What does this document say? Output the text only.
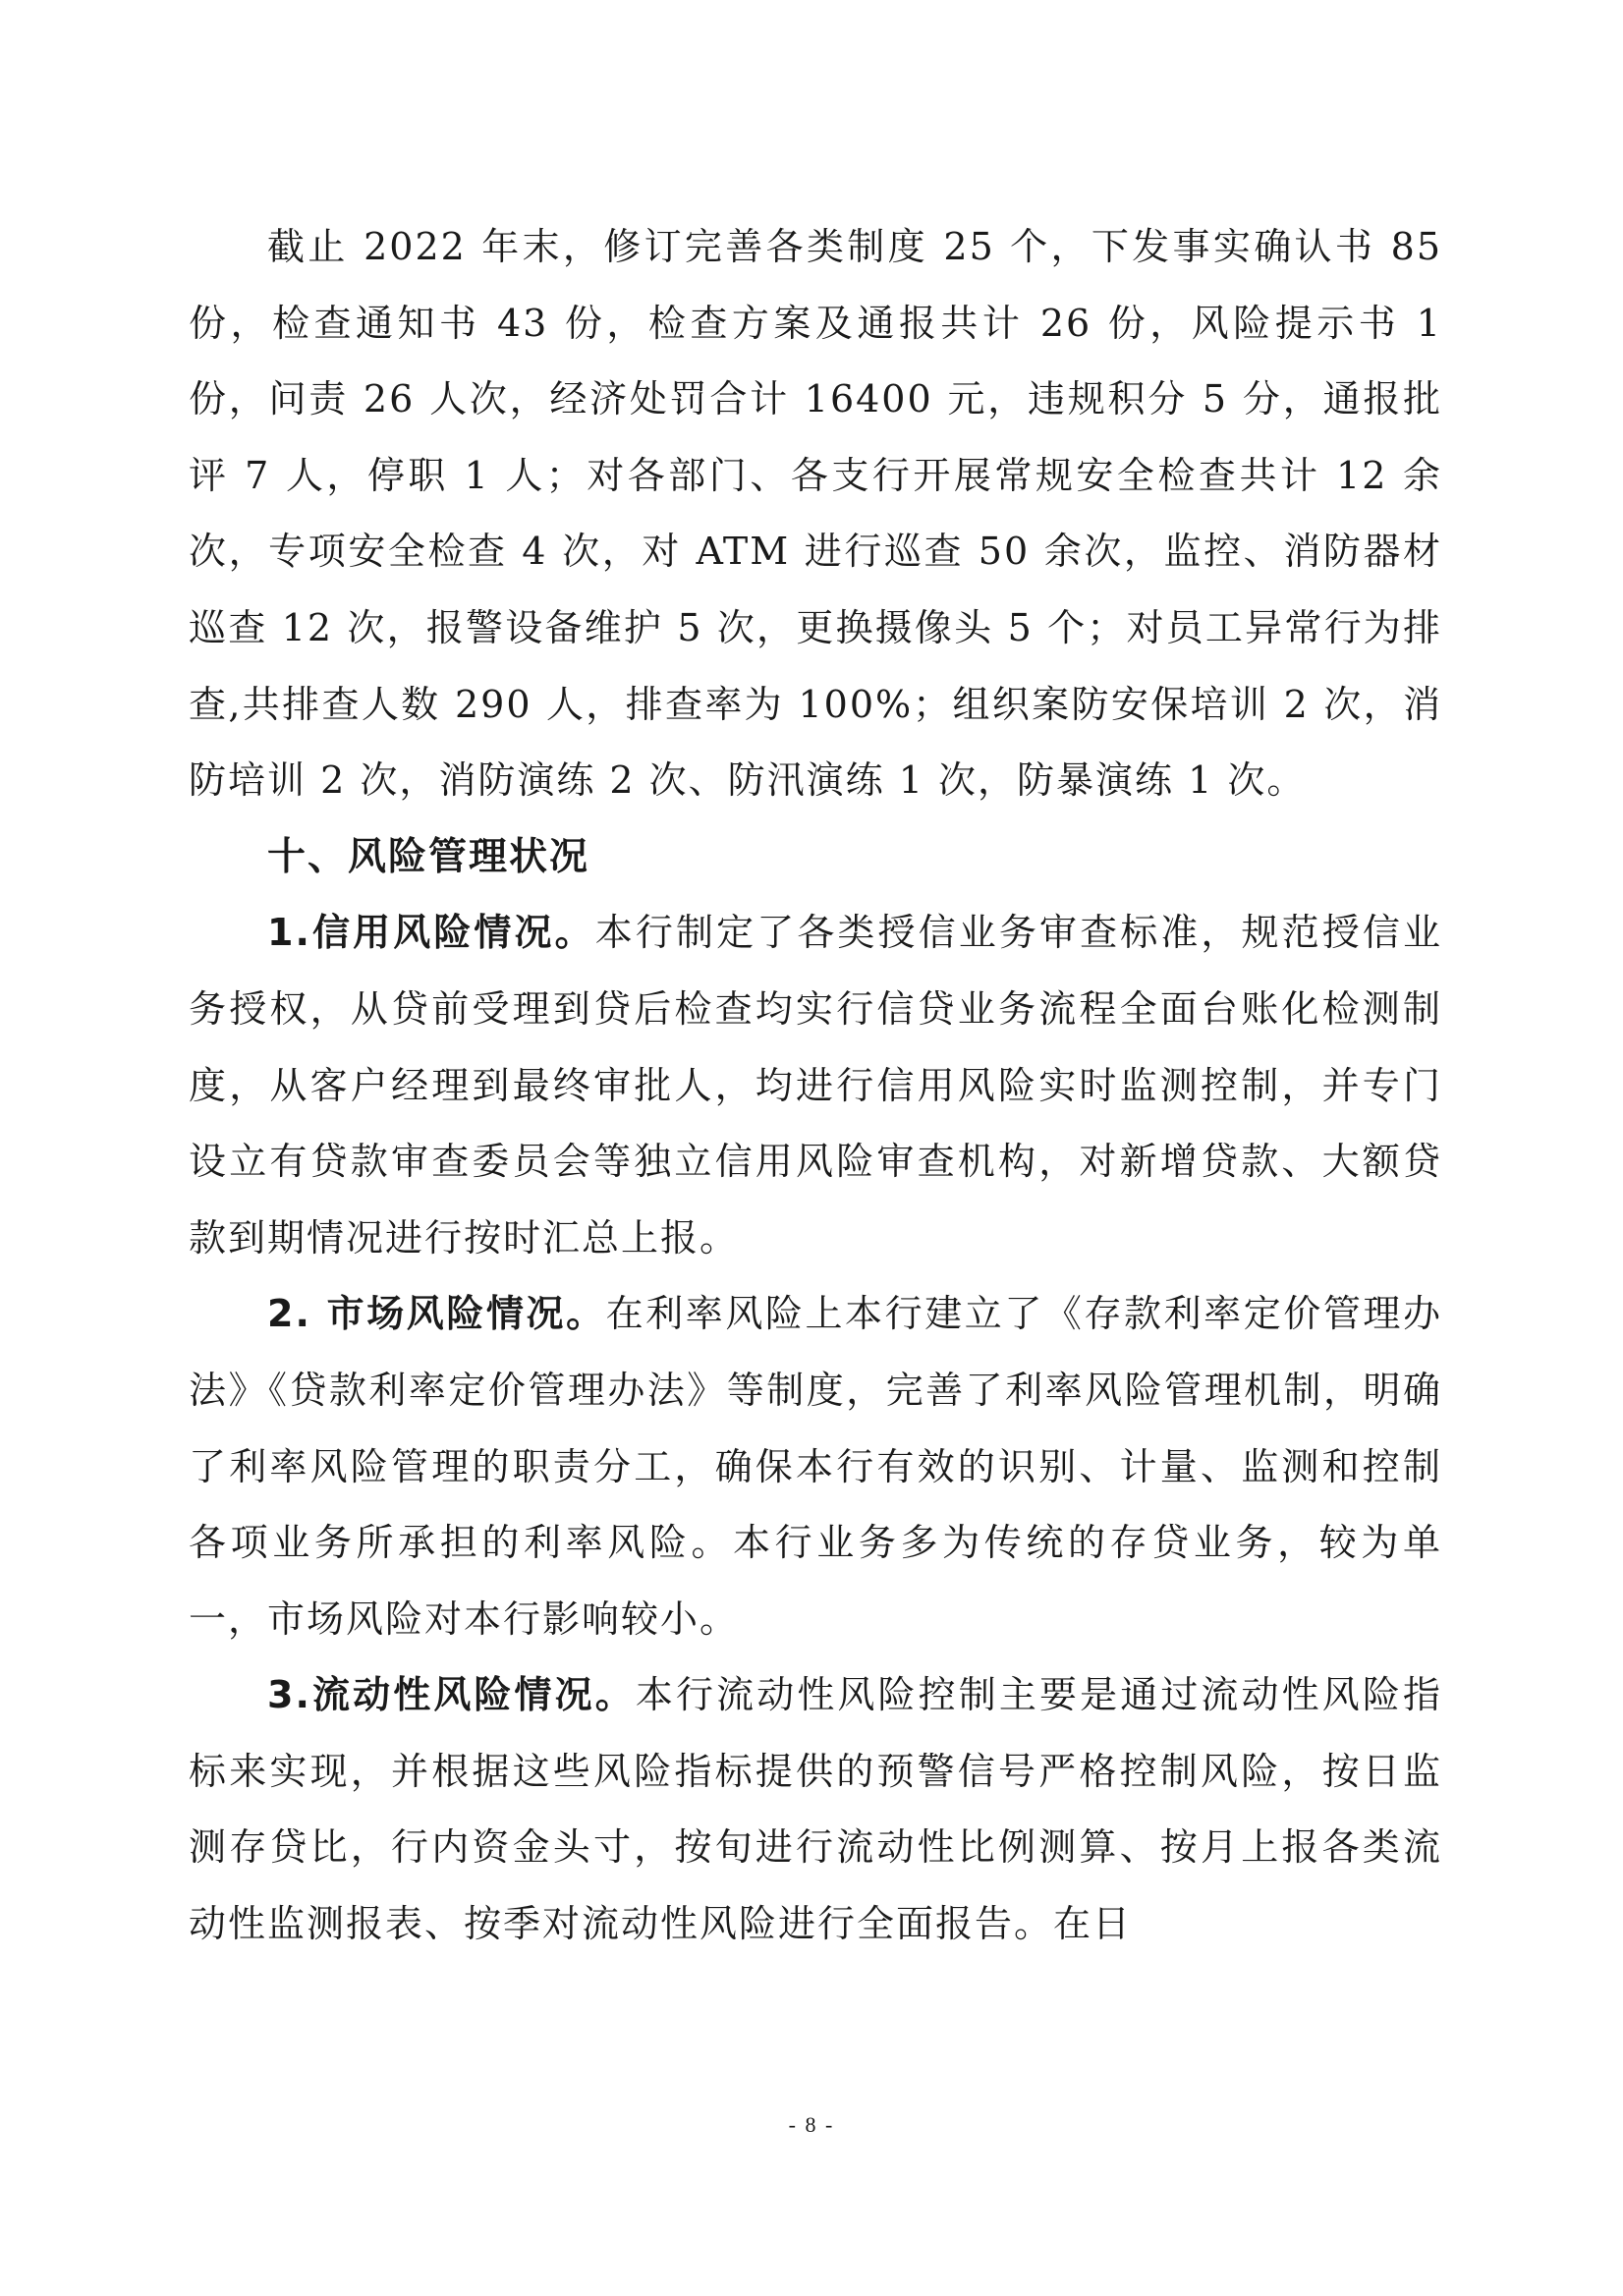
截止 2022 年末，修订完善各类制度 25 个，下发事实确认书 85 份，检查通知书 43 份，检查方案及通报共计 26 份，风险提示书 1 份，问责 26 人次，经济处罚合计 16400 元，违规积分 5 分，通报批评 7 人，停职 1 人；对各部门、各支行开展常规安全检查共计 12 余次，专项安全检查 4 次，对 ATM 进行巡查 50 余次，监控、消防器材巡查 12 次，报警设备维护 5 次，更换摄像头 5 个；对员工异常行为排查,共排查人数 290 人，排查率为 100%；组织案防安保培训 2 次，消防培训 2 次，消防演练 2 次、防汛演练 1 次，防暴演练 1 次。

十、风险管理状况

1.信用风险情况。本行制定了各类授信业务审查标准，规范授信业务授权，从贷前受理到贷后检查均实行信贷业务流程全面台账化检测制度，从客户经理到最终审批人，均进行信用风险实时监测控制，并专门设立有贷款审查委员会等独立信用风险审查机构，对新增贷款、大额贷款到期情况进行按时汇总上报。

2. 市场风险情况。在利率风险上本行建立了《存款利率定价管理办法》《贷款利率定价管理办法》等制度，完善了利率风险管理机制，明确了利率风险管理的职责分工，确保本行有效的识别、计量、监测和控制各项业务所承担的利率风险。本行业务多为传统的存贷业务，较为单一，市场风险对本行影响较小。

3.流动性风险情况。本行流动性风险控制主要是通过流动性风险指标来实现，并根据这些风险指标提供的预警信号严格控制风险，按日监测存贷比，行内资金头寸，按旬进行流动性比例测算、按月上报各类流动性监测报表、按季对流动性风险进行全面报告。在日

- 8 -
